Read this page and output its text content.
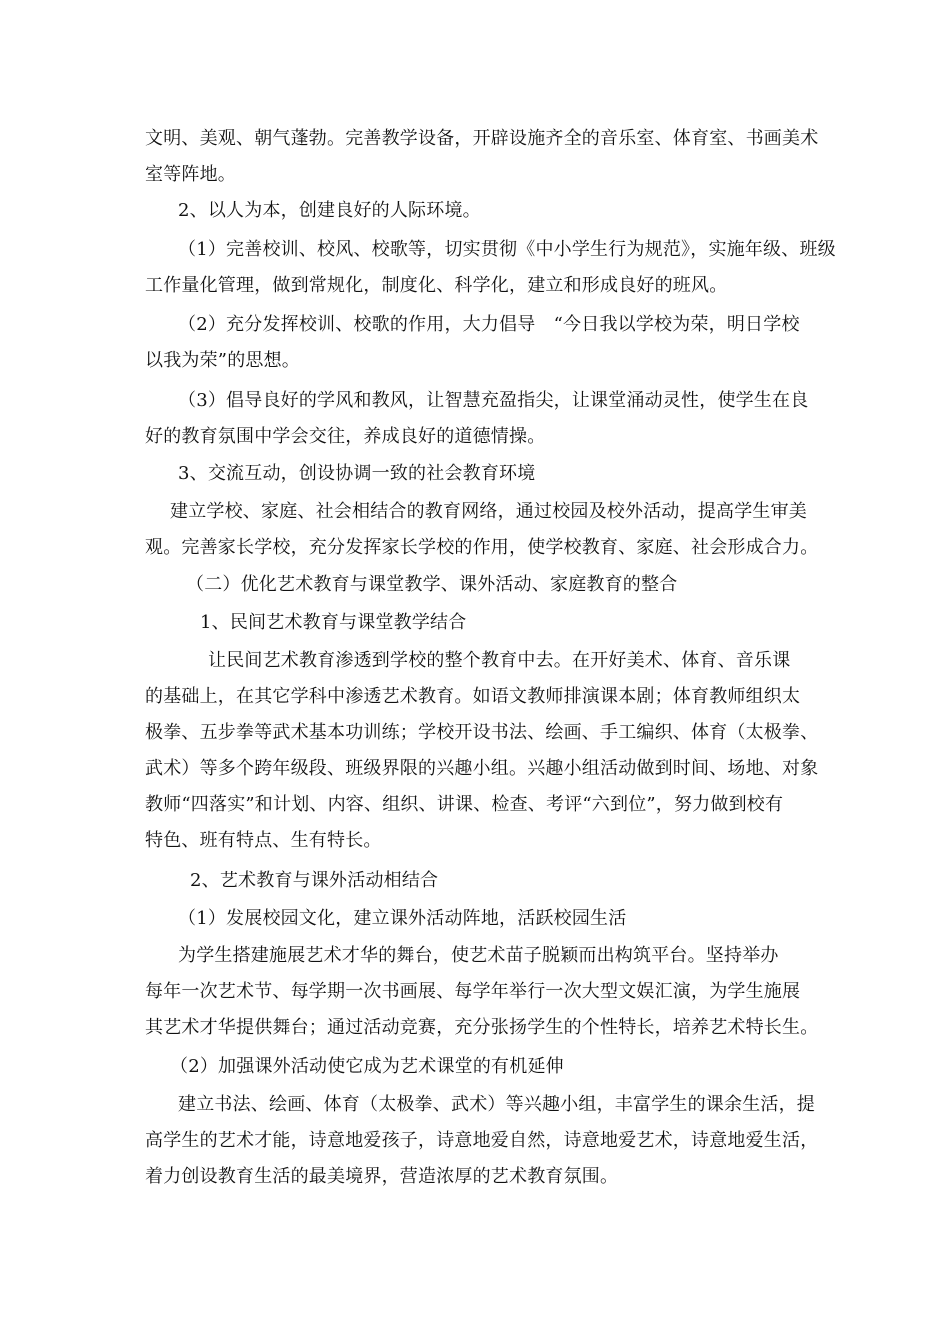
文明、美观、朝气蓬勃。完善教学设备，开辟设施齐全的音乐室、体育室、书画美术
室等阵地。
2、以人为本，创建良好的人际环境。
（1）完善校训、校风、校歌等，切实贯彻《中小学生行为规范》，实施年级、班级
工作量化管理，做到常规化，制度化、科学化，建立和形成良好的班风。
（2）充分发挥校训、校歌的作用，大力倡导　“今日我以学校为荣，明日学校
以我为荣”的思想。
（3）倡导良好的学风和教风，让智慧充盈指尖，让课堂涌动灵性，使学生在良
好的教育氛围中学会交往，养成良好的道德情操。
3、交流互动，创设协调一致的社会教育环境
建立学校、家庭、社会相结合的教育网络，通过校园及校外活动，提高学生审美
观。完善家长学校，充分发挥家长学校的作用，使学校教育、家庭、社会形成合力。
（二）优化艺术教育与课堂教学、课外活动、家庭教育的整合
1、民间艺术教育与课堂教学结合
让民间艺术教育渗透到学校的整个教育中去。在开好美术、体育、音乐课
的基础上，在其它学科中渗透艺术教育。如语文教师排演课本剧；体育教师组织太
极拳、五步拳等武术基本功训练；学校开设书法、绘画、手工编织、体育（太极拳、
武术）等多个跨年级段、班级界限的兴趣小组。兴趣小组活动做到时间、场地、对象
教师“四落实”和计划、内容、组织、讲课、检查、考评“六到位”，努力做到校有
特色、班有特点、生有特长。
2、艺术教育与课外活动相结合
（1）发展校园文化，建立课外活动阵地，活跃校园生活
为学生搭建施展艺术才华的舞台，使艺术苗子脱颖而出构筑平台。坚持举办
每年一次艺术节、每学期一次书画展、每学年举行一次大型文娱汇演，为学生施展
其艺术才华提供舞台；通过活动竞赛，充分张扬学生的个性特长，培养艺术特长生。
（2）加强课外活动使它成为艺术课堂的有机延伸
建立书法、绘画、体育（太极拳、武术）等兴趣小组，丰富学生的课余生活，提
高学生的艺术才能，诗意地爱孩子，诗意地爱自然，诗意地爱艺术，诗意地爱生活，
着力创设教育生活的最美境界，营造浓厚的艺术教育氛围。
